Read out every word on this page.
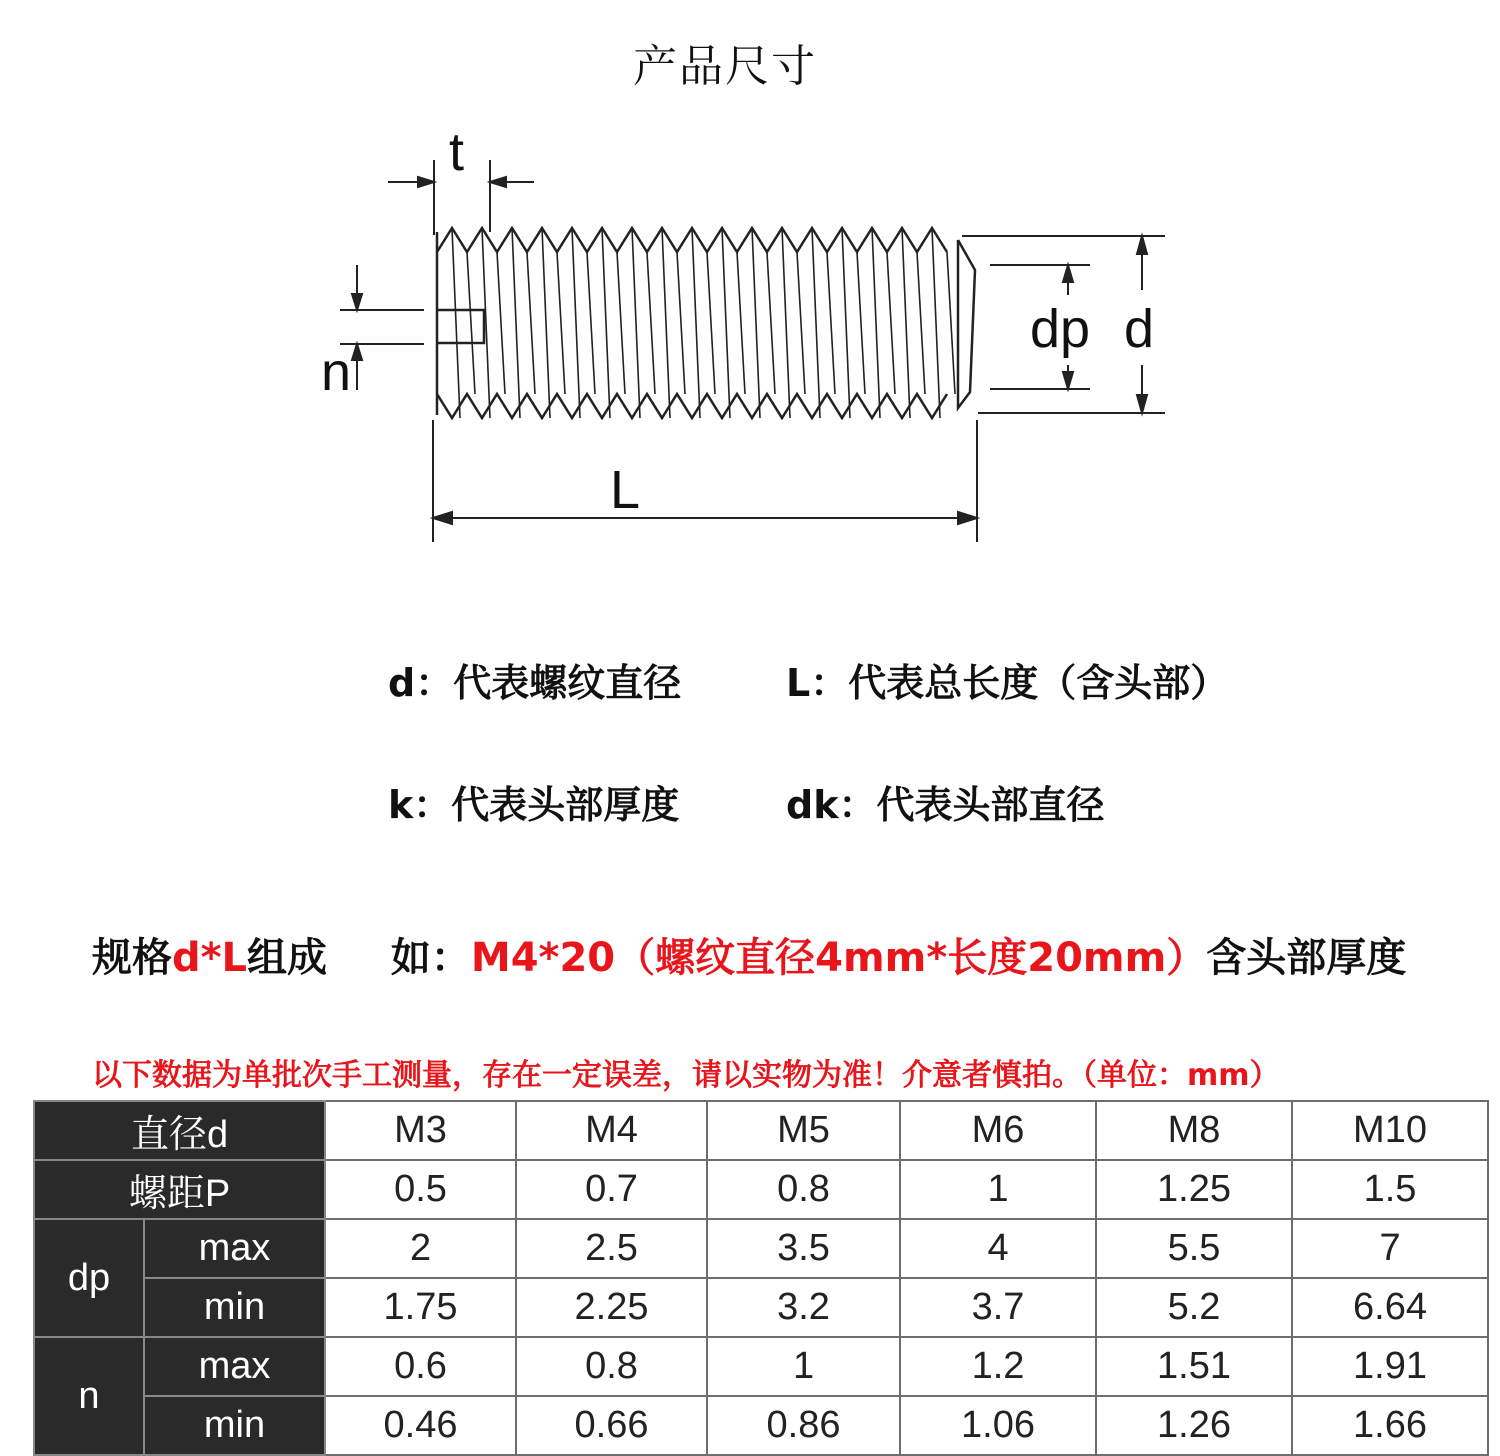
产品尺寸
t
n
L
dp d
d：代表螺纹直径	L：代表总长度（含头部）
k：代表头部厚度	dk：代表头部直径
规格d*L组成 如：M4*20（螺纹直径4mm*长度20mm）含头部厚度
以下数据为单批次手工测量，存在一定误差，请以实物为准！介意者慎拍。（单位：mm）
直径d		M3	M4	M5	M6	M8	M10
螺距P		0.5	0.7	0.8	1	1.25	1.5
dp	max	2	2.5	3.5	4	5.5	7
	min	1.75	2.25	3.2	3.7	5.2	6.64
n	max	0.6	0.8	1	1.2	1.51	1.91
	min	0.46	0.66	0.86	1.06	1.26	1.66
